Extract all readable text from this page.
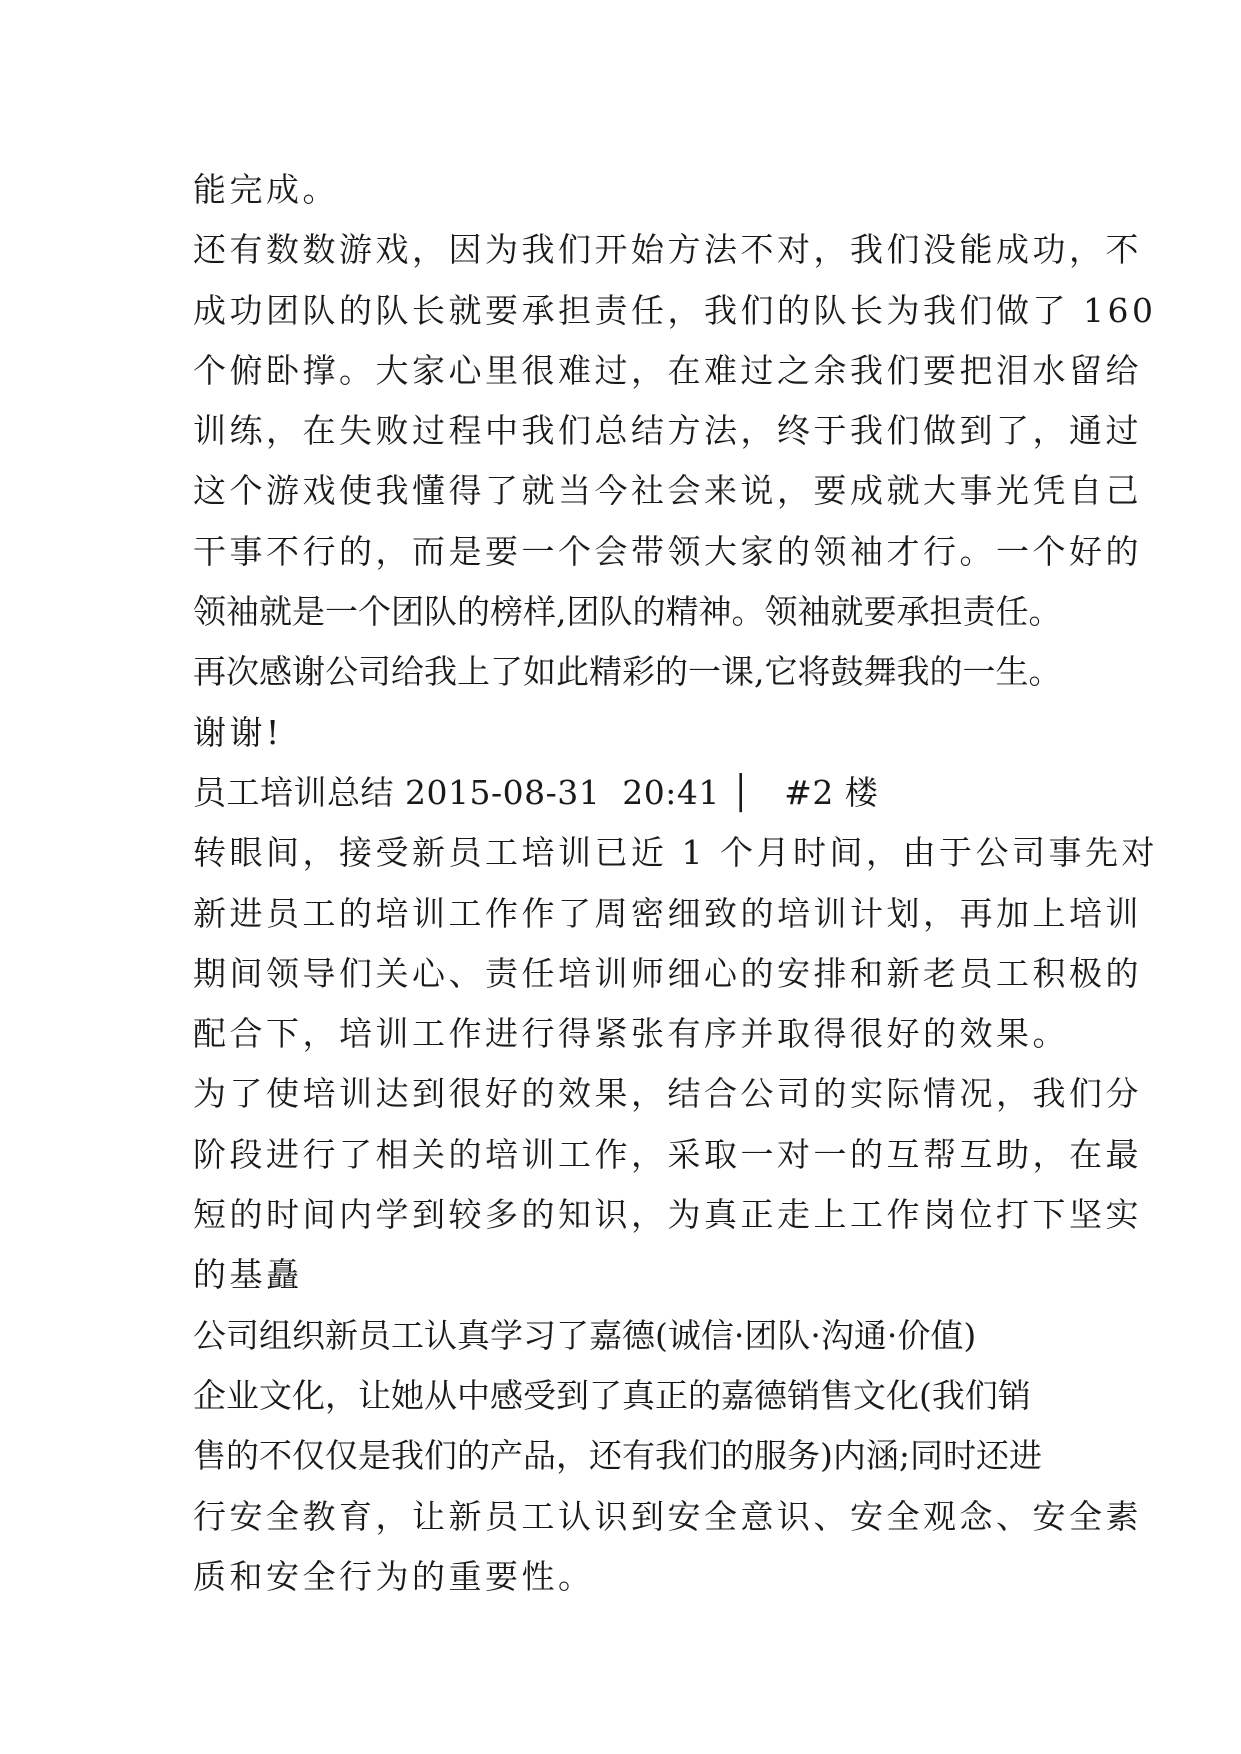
能完成。

还有数数游戏，因为我们开始方法不对，我们没能成功，不

成功团队的队长就要承担责任，我们的队长为我们做了 160

个俯卧撑。大家心里很难过，在难过之余我们要把泪水留给

训练，在失败过程中我们总结方法，终于我们做到了，通过

这个游戏使我懂得了就当今社会来说，要成就大事光凭自己

干事不行的，而是要一个会带领大家的领袖才行。一个好的

领袖就是一个团队的榜样,团队的精神。领袖就要承担责任。

再次感谢公司给我上了如此精彩的一课,它将鼓舞我的一生。

谢谢!

员工培训总结 2015-08-31  20:41 │   #2 楼

转眼间，接受新员工培训已近 1 个月时间，由于公司事先对

新进员工的培训工作作了周密细致的培训计划，再加上培训

期间领导们关心、责任培训师细心的安排和新老员工积极的

配合下，培训工作进行得紧张有序并取得很好的效果。

为了使培训达到很好的效果，结合公司的实际情况，我们分

阶段进行了相关的培训工作，采取一对一的互帮互助，在最

短的时间内学到较多的知识，为真正走上工作岗位打下坚实

的基矗

公司组织新员工认真学习了嘉德(诚信·团队·沟通·价值)

企业文化，让她从中感受到了真正的嘉德销售文化(我们销

售的不仅仅是我们的产品，还有我们的服务)内涵;同时还进

行安全教育，让新员工认识到安全意识、安全观念、安全素

质和安全行为的重要性。
